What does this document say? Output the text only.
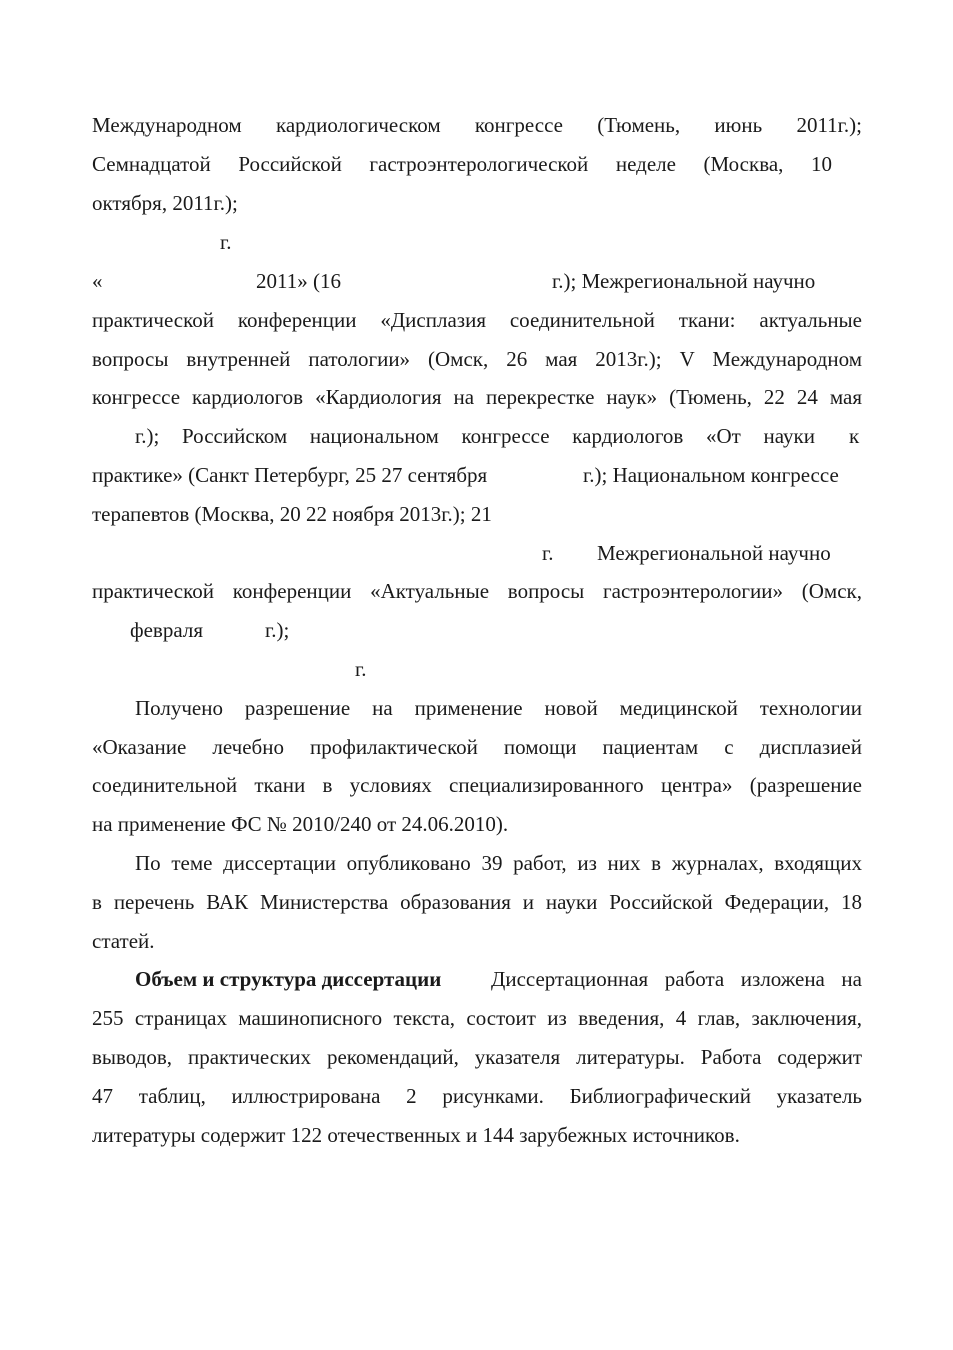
Международном кардиологическом конгрессе (Тюмень, июнь 2011г.);
Семнадцатой Российской гастроэнтерологической неделе (Москва, 10
октября, 2011г.);
г.
«	2011» (16	г.); Межрегиональной научно
практической конференции «Дисплазия соединительной ткани: актуальные
вопросы внутренней патологии» (Омск, 26 мая 2013г.); V Международном
конгрессе кардиологов «Кардиология на перекрестке наук» (Тюмень, 22 24 мая
г.); Российском национальном конгрессе кардиологов «От науки к
практике» (Санкт Петербург, 25 27 сентября	г.); Национальном конгрессе
терапевтов (Москва, 20 22 ноября 2013г.); 21
г. Межрегиональной научно
практической конференции «Актуальные вопросы гастроэнтерологии» (Омск,
февраля	г.);
г.
Получено разрешение на применение новой медицинской технологии
«Оказание лечебно профилактической помощи пациентам с дисплазией
соединительной ткани в условиях специализированного центра» (разрешение
на применение ФС № 2010/240 от 24.06.2010).
По теме диссертации опубликовано 39 работ, из них в журналах, входящих
в перечень ВАК Министерства образования и науки Российской Федерации, 18
статей.
Объем и структура диссертации Диссертационная работа изложена на
255 страницах машинописного текста, состоит из введения, 4 глав, заключения,
выводов, практических рекомендаций, указателя литературы. Работа содержит
47 таблиц, иллюстрирована 2 рисунками. Библиографический указатель
литературы содержит 122 отечественных и 144 зарубежных источников.
